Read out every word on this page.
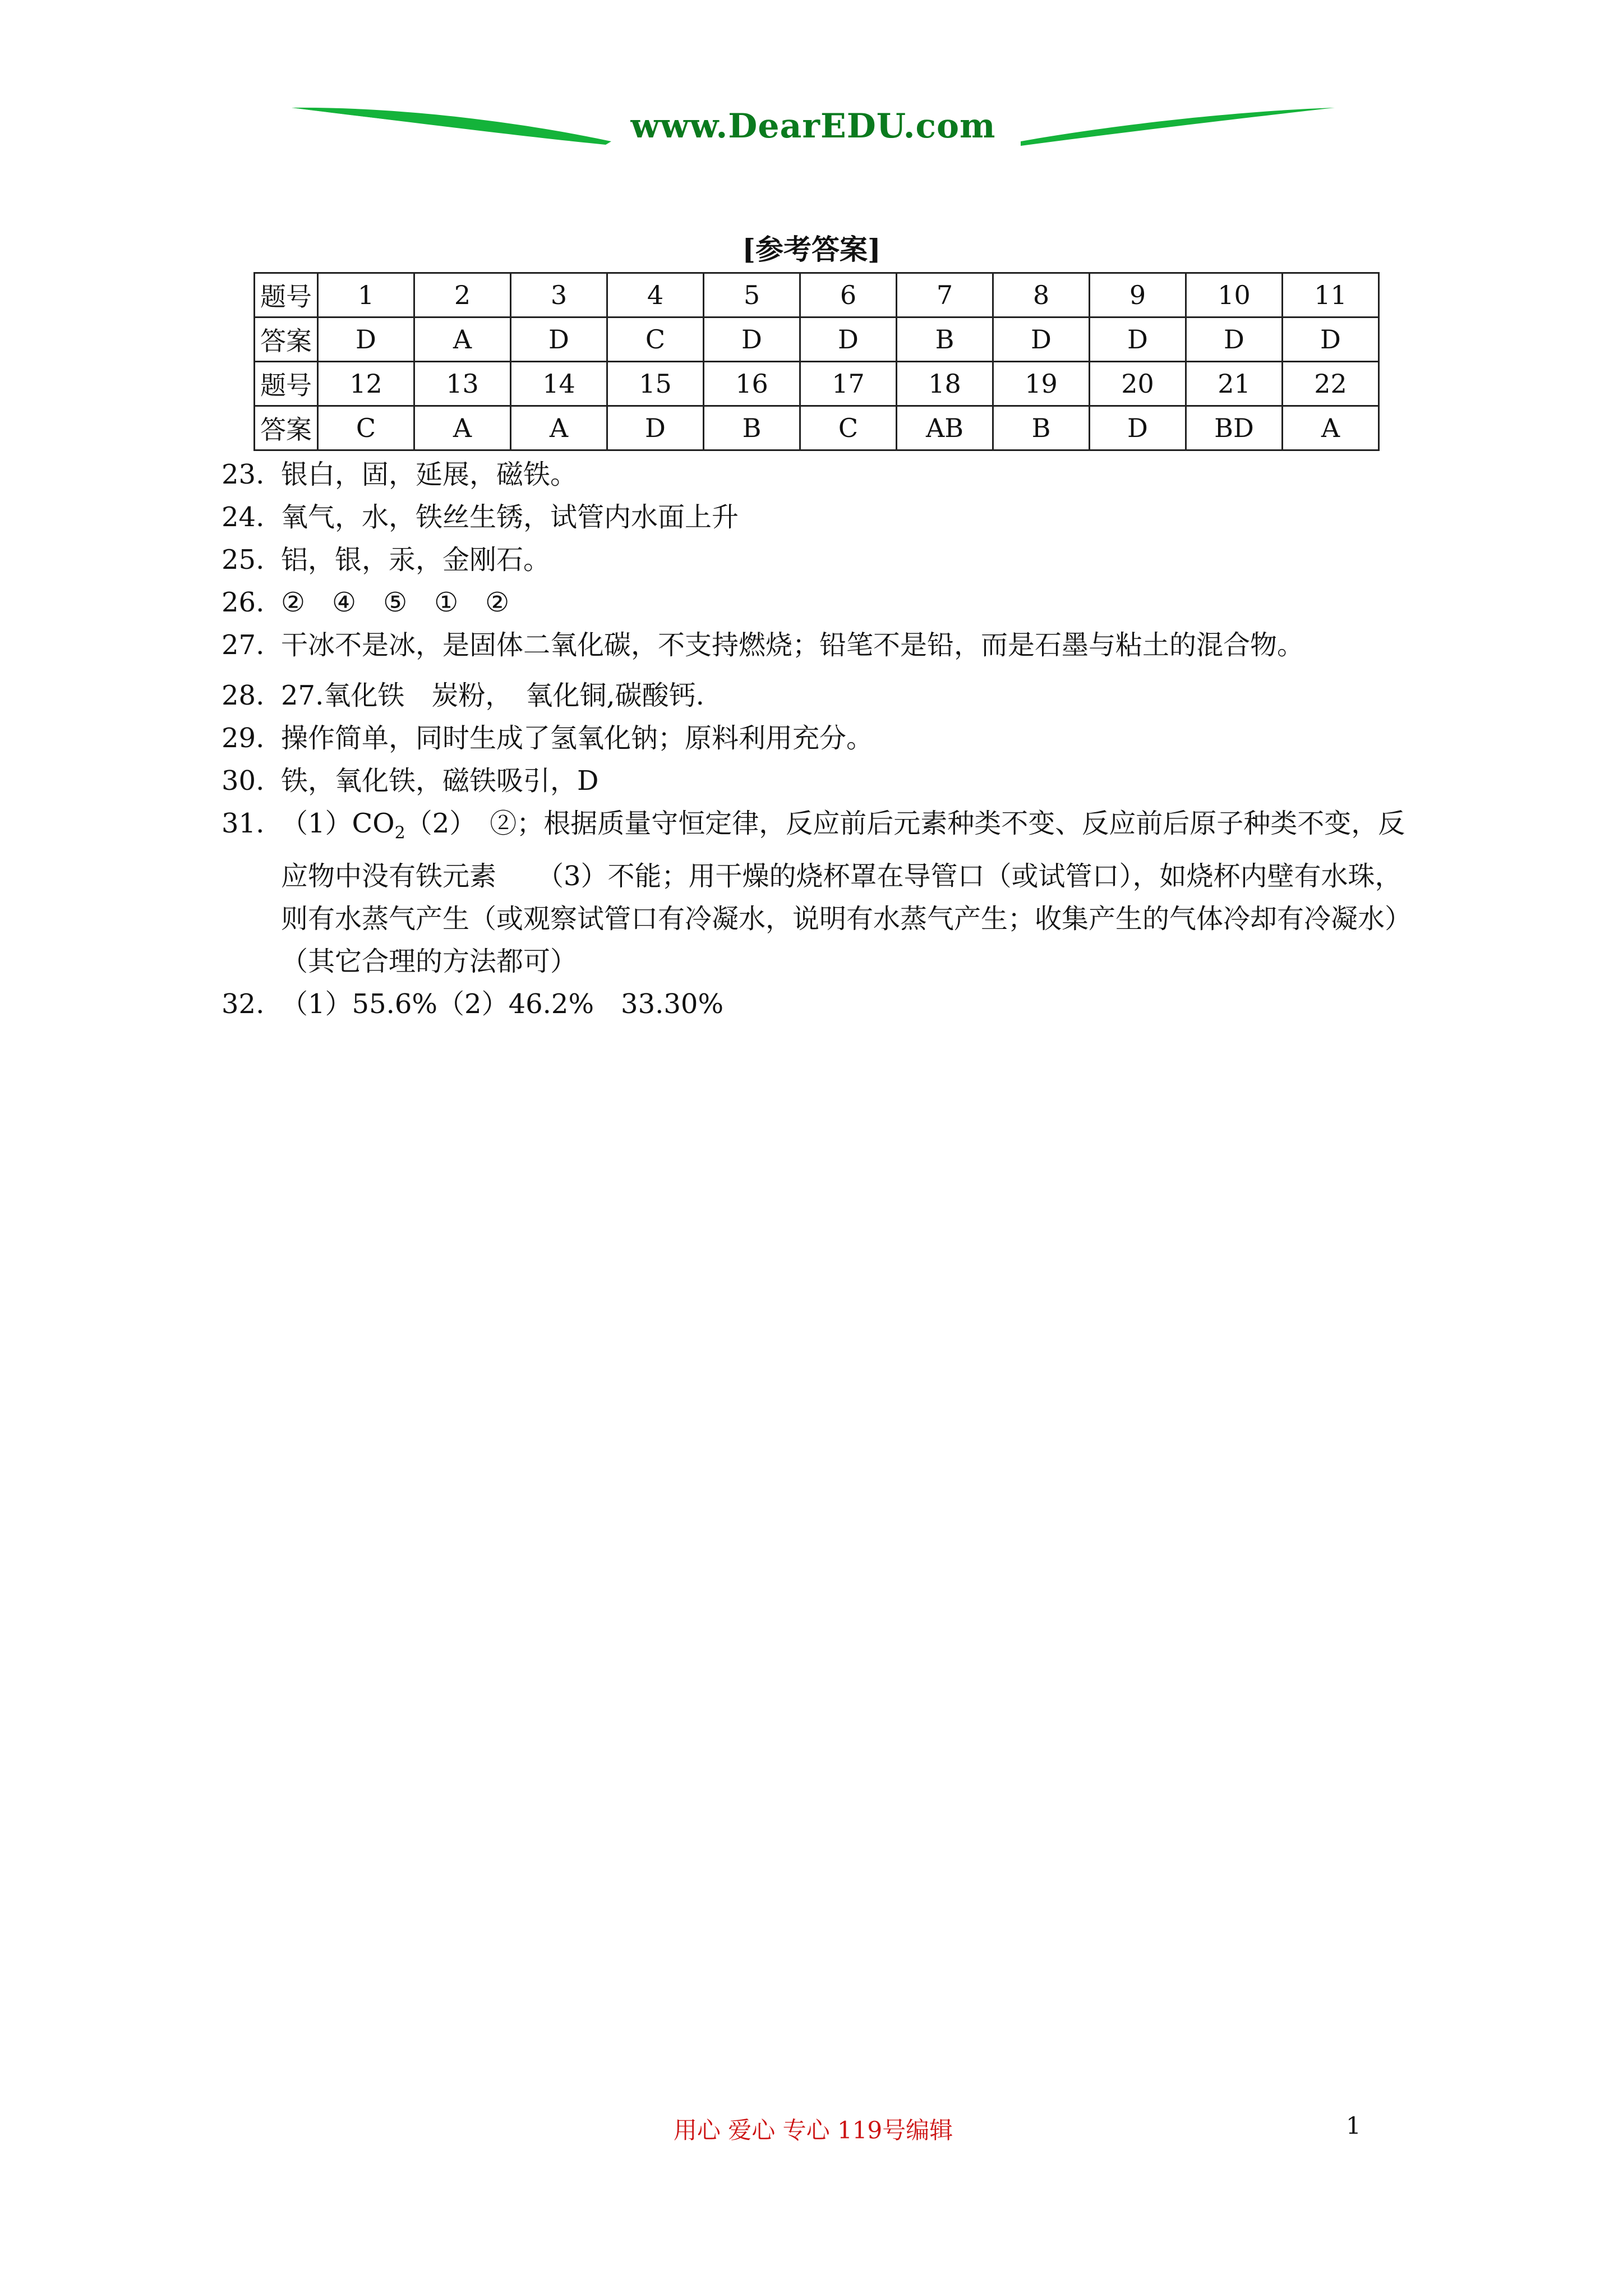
www.DearEDU.com
[参考答案]
题号	1	2	3	4	5	6	7	8	9	10	11
答案	D	A	D	C	D	D	B	D	D	D	D
题号	12	13	14	15	16	17	18	19	20	21	22
答案	C	A	A	D	B	C	AB	B	D	BD	A
23. 银白，固，延展，磁铁。
24. 氧气，水，铁丝生锈，试管内水面上升
25. 铝，银，汞，金刚石。
26. ②　④　⑤　①　②
27. 干冰不是冰，是固体二氧化碳，不支持燃烧；铅笔不是铅，而是石墨与粘土的混合物。
28. 27.氧化铁　炭粉，　氧化铜,碳酸钙.
29. 操作简单，同时生成了氢氧化钠；原料利用充分。
30. 铁，氧化铁，磁铁吸引，D
31. $(1)CO_2(2)$　②；根据质量守恒定律，反应前后元素种类不变、反应前后原子种类不变，反应物中没有铁元素　　（3）不能；用干燥的烧杯罩在导管口（或试管口），如烧杯内壁有水珠，则有水蒸气产生（或观察试管口有冷凝水，说明有水蒸气产生；收集产生的气体冷却有冷凝水）（其它合理的方法都可）
32. （1）55.6%（2）46.2%　33.30%
用心 爱心 专心 119号编辑	1
